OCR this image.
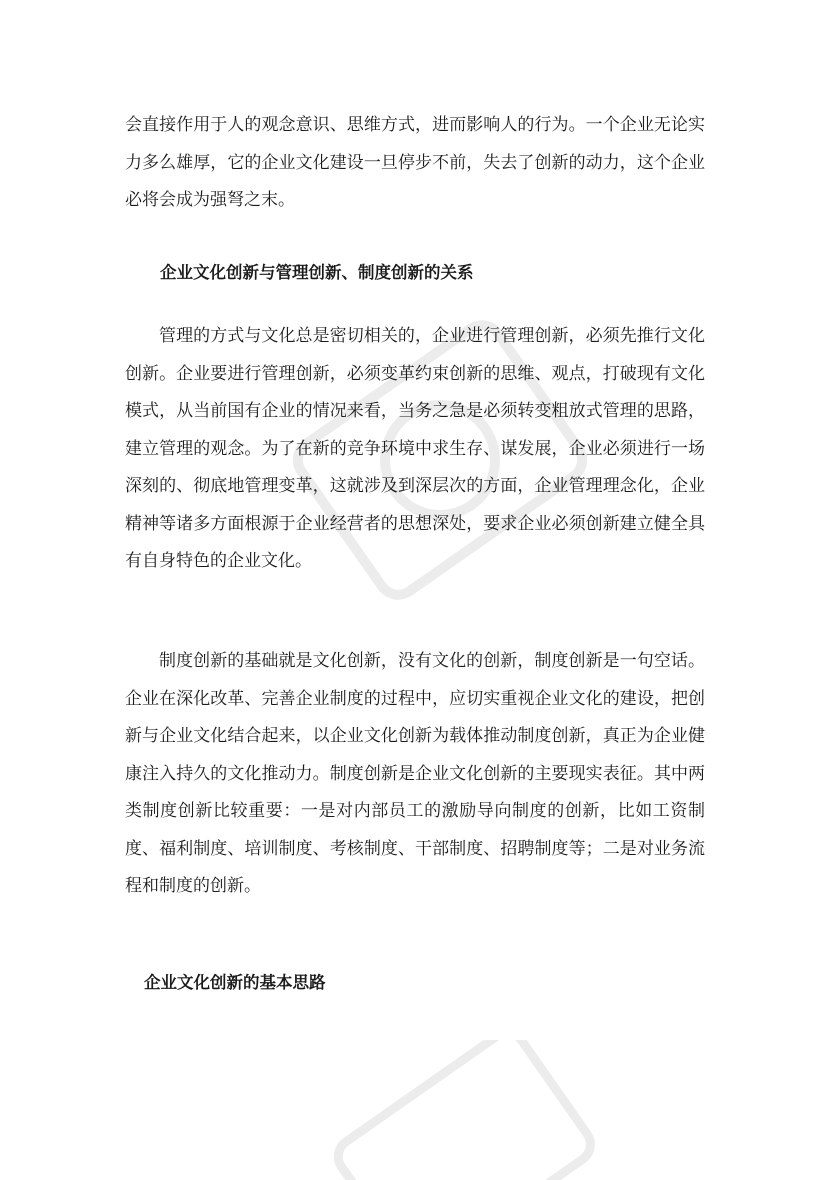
会直接作用于人的观念意识、思维方式，进而影响人的行为。一个企业无论实力多么雄厚，它的企业文化建设一旦停步不前，失去了创新的动力，这个企业必将会成为强弩之末。

企业文化创新与管理创新、制度创新的关系

管理的方式与文化总是密切相关的，企业进行管理创新，必须先推行文化创新。企业要进行管理创新，必须变革约束创新的思维、观点，打破现有文化模式，从当前国有企业的情况来看，当务之急是必须转变粗放式管理的思路，建立管理的观念。为了在新的竞争环境中求生存、谋发展，企业必须进行一场深刻的、彻底地管理变革，这就涉及到深层次的方面，企业管理理念化，企业精神等诸多方面根源于企业经营者的思想深处，要求企业必须创新建立健全具有自身特色的企业文化。

制度创新的基础就是文化创新，没有文化的创新，制度创新是一句空话。企业在深化改革、完善企业制度的过程中，应切实重视企业文化的建设，把创新与企业文化结合起来，以企业文化创新为载体推动制度创新，真正为企业健康注入持久的文化推动力。制度创新是企业文化创新的主要现实表征。其中两类制度创新比较重要：一是对内部员工的激励导向制度的创新，比如工资制度、福利制度、培训制度、考核制度、干部制度、招聘制度等；二是对业务流程和制度的创新。

企业文化创新的基本思路
